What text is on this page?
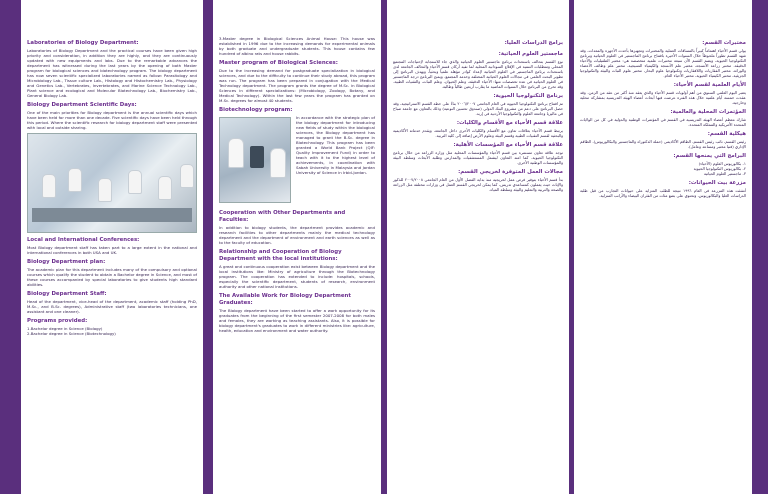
Laboratories of Biology Department:
Laboratories of Biology Department and the practical courses have been given high priority and consideration, in addition they are highly, and they are continuously updated with new equipments and labs. Due to the remarkable advances the department has witnessed during the last years by the opening of both Master program for biological sciences and biotechnology program. The biology department has now seven scientific specialized laboratories named as follow: Parasitology and Microbiology Lab., Tissue culture Lab., Histology and Histochemistry Lab., Physiology and Genetics Lab., Vertebrates, Invertebrates, and Marine Science Technology Lab., Plant science and ecological and Molecular Biotechnology Lab., Biochemistry Lab., General Biology Lab.
Biology Department Scientific Days:
One of the main priorities for Biology department is the annual scientific days which have been held for more than one decade. Five scientific days have been held through this period. Where the scientific research for biology department staff were presented with local and outside sharing.
Local and International Conferences:
Most Biology department staff has taken part to a large extent in the national and international conferences in both USA and UK.
Biology Department plan:
The academic plan for this department includes many of the compulsory and optional courses which qualify the student to obtain a Bachelor degree in Science, and most of these courses accompanied by special laboratories to give students high standard abilities.
Biology Department Staff:
Head of the department, vice-head of the department, academic staff (holding PhD, M.Sc., and B.Sc. degrees), Administrative staff (two laboratories technicians, one assistant and one cleaner).
Programs provided:
1.Bachelor degree in Science (Biology)
2.Bachelor degree in Science (Biotechnology)
3.Master degree in Biological Sciences Animal House: This house was established in 1996 due to the increasing demands for experimental animals by both graduate and undergraduate students. This house contains few hundred of albino rats and house rabbits.
Master program of Biological Sciences:
Due to the increasing demand for postgraduate specialization in biological sciences, and due to the difficulty to continue their study abroad, this program was run. The program has been prepared in conjugation with the Medical Technology department. The program grants the degree of M.Sc. in Biological Sciences in different specializations: (Microbiology, Zoology, Botany, and Medical Technology). Within the last few years the program has granted on M.Sc. degrees for almost 40 students.
Biotechnology program:
In accordance with the strategic plan of the biology department for introducing new fields of study within the biological sciences, the Biology department has managed to grant the B.Sc. degree in Biotechnology. This program has been granted a World Bank Project (QIF: Quality Improvement Fund) in order to teach with it to the highest level of achievements, in coordination with Sabah University in Malaysia and Jordan University of Science in Irbid-Jordan.
Cooperation with Other Departments and Faculties:
In addition to biology students, the department provides academic and research facilities to other departments mainly the medical technology department and the department of environment and earth sciences as well as to the faculty of education.
Relationship and Cooperation of Biology Department with the local institutions:
A great and continuous cooperation exist between Biology department and the local institutions like: Ministry of agriculture through the Biotechnology program. The cooperation has extended to include: hospitals, schools, especially the scientific department, students of research, environment authority and other national institutions.
The Available Work for Biology Department Graduates:
The Biology department have been started to offer a work opportunity for its graduates from the beginning of the first semester 2007-2008 for both males and females, they are working as teaching assistants. Also, it is possible for biology department's graduates to work in different ministries like: agriculture, health, education and environment and water authority.
برامج الدراسات العليا:
ماجستير العلوم الحياتية:
نوع القسم بتحالف باستحداث برنامج ماجستير العلوم الحياتية والذي جاء للاستجابة لإحتياجات المجتمع المحلي ومتطلبات التنمية في الإقلاع السودانية المحلية لما تفيد أركان قسم الأحياء والتحالف الجامعة لدى باستحداث برنامج الماجستير في العلوم الحياتية لإعداد كوادر مؤهلة علمياً وبحثياً، ويهدف البرنامج إلى تطوير البحث العلمي في مجالات العلوم الحياتية المختلفة وخدمة المجتمع. ويمنح البرنامج درجة الماجستير في العلوم الحياتية في عدة تخصصات منها: الأحياء الدقيقة، وعلم الحيوان، وعلم النبات، والتقنيات الطبية. وقد تخرج من البرنامج خلال السنوات الماضية ما يقارب أربعين طالباً وطالبة.
برنامج التكنولوجيا الحيوية:
تم افتتاح برنامج التكنولوجيا الحيوية في العام الجامعي ٢٠٠٦/٢٠٠٧ بناءً على خطة القسم الاستراتيجية، وقد حصل البرنامج على دعم من مشروع البنك الدولي (صندوق تحسين النوعية) وذلك بالتعاون مع جامعة صباح في ماليزيا وجامعة العلوم والتكنولوجيا الأردنية في إربد.
علاقة قسم الأحياء مع الأقسام والكليات:
يرتبط قسم الأحياء بعلاقات تعاون مع الأقسام والكليات الأخرى داخل الجامعة، ويقدم خدماته الأكاديمية والبحثية لقسم التقنيات الطبية وقسم البيئة وعلوم الأرض إضافة إلى كلية التربية.
علاقة قسم الأحياء مع المؤسسات الأهلية:
توجد علاقة تعاون مستمرة بين قسم الأحياء والمؤسسات المحلية مثل وزارة الزراعة من خلال برنامج التكنولوجيا الحيوية، كما امتد التعاون ليشمل المستشفيات والمدارس وطلبة الأبحاث وسلطة البيئة والمؤسسات الوطنية الأخرى.
مجالات العمل المتوفرة لخريجي القسم:
بدأ قسم الأحياء بتوفير فرص عمل لخريجيه منذ بداية الفصل الأول من العام الجامعي ٢٠٠٧/٢٠٠٨ للذكور والإناث حيث يعملون كمساعدي تدريس، كما يمكن لخريجي القسم العمل في وزارات مختلفة مثل الزراعة والصحة والتربية والتعليم والبيئة وسلطة المياه.
مختبرات القسم:
يولي قسم الأحياء اهتماماً كبيراً بالمساقات العملية والمختبرات وتجهيزها بأحدث الأجهزة والمعدات، وقد شهد القسم تطوراً ملحوظاً خلال السنوات الأخيرة بافتتاح برنامج الماجستير في العلوم الحياتية وبرنامج التكنولوجيا الحيوية، ويضم القسم الآن سبعة مختبرات علمية متخصصة هي: مختبر الطفيليات والأحياء الدقيقة، مختبر زراعة الأنسجة، مختبر علم الأنسجة والكيمياء النسيجية، مختبر علم وظائف الأعضاء والوراثة، مختبر الفقاريات واللافقاريات وتكنولوجيا علوم البحار، مختبر علوم النبات والبيئة والتكنولوجيا الجزيئية، مختبر الكيمياء الحيوية، مختبر الأحياء العام.
الأيام العلمية لقسم الأحياء:
يعتبر اليوم العلمي السنوي من أهم أولويات قسم الأحياء والذي يعقد منذ أكثر من عقد من الزمن، وقد عقدت خمسة أيام علمية خلال هذه الفترة عرضت فيها أبحاث أعضاء الهيئة التدريسية بمشاركة محلية وخارجية.
المؤتمرات المحلية والعالمية:
شارك معظم أعضاء الهيئة التدريسية في القسم في المؤتمرات الوطنية والدولية في كل من الولايات المتحدة الأمريكية والمملكة المتحدة.
هيكلية القسم:
رئيس القسم، نائب رئيس القسم، الطاقم الأكاديمي (حملة الدكتوراه والماجستير والبكالوريوس)، الطاقم الإداري (فنيا مختبر ومساعد وعامل).
البرامج التي يمنحها القسم:
١- بكالوريوس العلوم (الأحياء)
٢- بكالوريوس التكنولوجيا الحيوية
٣- ماجستير العلوم الحياتية
مزرعة بيت الحيوانات:
أنشئت هذه المزرعة في العام ١٩٩٦ نتيجة للطلب المتزايد على حيوانات التجارب من قبل طلبة الدراسات العليا والبكالوريوس، وتحتوي على بضع مئات من الفئران البيضاء والأرانب المنزلية.
